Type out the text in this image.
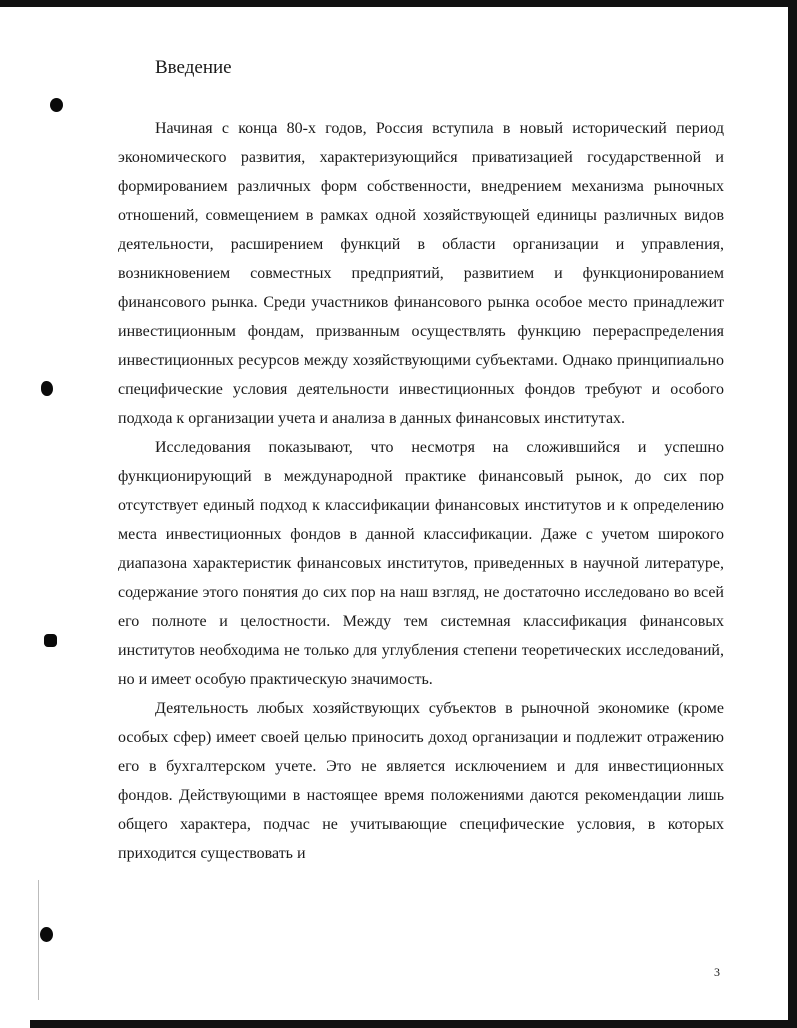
Введение

Начиная с конца 80-х годов, Россия вступила в новый исторический период экономического развития, характеризующийся приватизацией государственной и формированием различных форм собственности, внедрением механизма рыночных отношений, совмещением в рамках одной хозяйствующей единицы различных видов деятельности, расширением функций в области организации и управления, возникновением совместных предприятий, развитием и функционированием финансового рынка. Среди участников финансового рынка особое место принадлежит инвестиционным фондам, призванным осуществлять функцию перераспределения инвестиционных ресурсов между хозяйствующими субъектами. Однако принципиально специфические условия деятельности инвестиционных фондов требуют и особого подхода к организации учета и анализа в данных финансовых институтах.

Исследования показывают, что несмотря на сложившийся и успешно функционирующий в международной практике финансовый рынок, до сих пор отсутствует единый подход к классификации финансовых институтов и к определению места инвестиционных фондов в данной классификации. Даже с учетом широкого диапазона характеристик финансовых институтов, приведенных в научной литературе, содержание этого понятия до сих пор на наш взгляд, не достаточно исследовано во всей его полноте и целостности. Между тем системная классификация финансовых институтов необходима не только для углубления степени теоретических исследований, но и имеет особую практическую значимость.

Деятельность любых хозяйствующих субъектов в рыночной экономике (кроме особых сфер) имеет своей целью приносить доход организации и подлежит отражению его в бухгалтерском учете. Это не является исключением и для инвестиционных фондов. Действующими в настоящее время положениями даются рекомендации лишь общего характера, подчас не учитывающие специфические условия, в которых приходится существовать и

3
